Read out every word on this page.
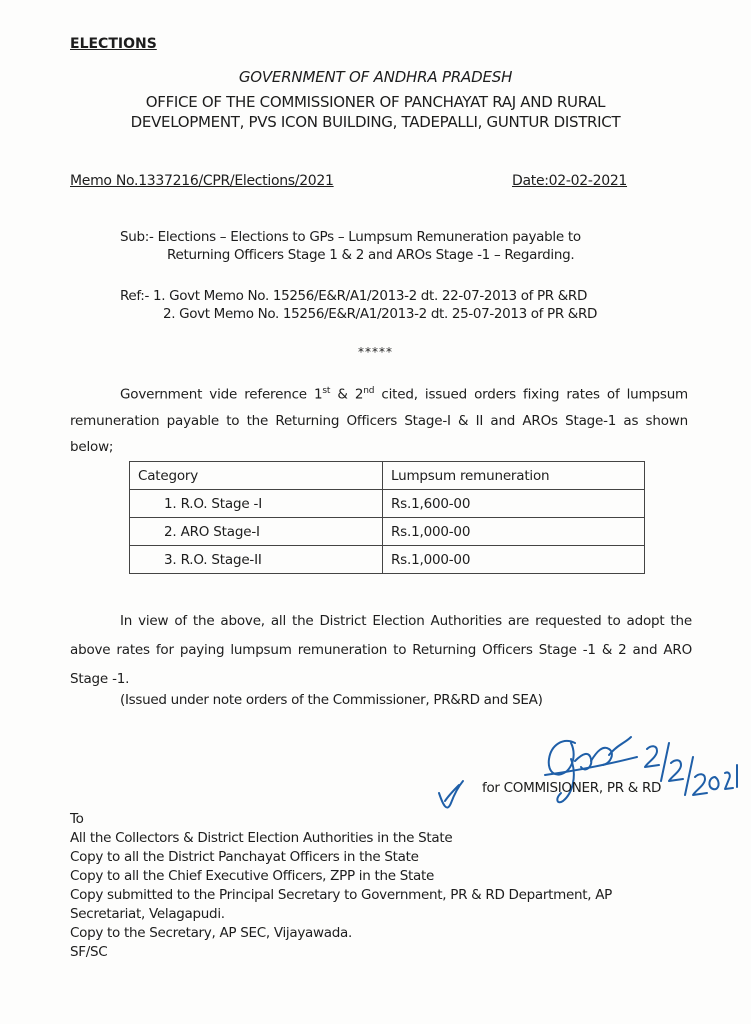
ELECTIONS
GOVERNMENT OF ANDHRA PRADESH
OFFICE OF THE COMMISSIONER OF PANCHAYAT RAJ AND RURAL
DEVELOPMENT, PVS ICON BUILDING, TADEPALLI, GUNTUR DISTRICT
Memo No.1337216/CPR/Elections/2021	Date:02-02-2021
Sub:- Elections – Elections to GPs – Lumpsum Remuneration payable to
Returning Officers Stage 1 & 2 and AROs Stage -1 – Regarding.
Ref:- 1. Govt Memo No. 15256/E&R/A1/2013-2 dt. 22-07-2013 of PR &RD
2. Govt Memo No. 15256/E&R/A1/2013-2 dt. 25-07-2013 of PR &RD
*****
Government vide reference 1st & 2nd cited, issued orders fixing rates of lumpsum remuneration payable to the Returning Officers Stage-I & II and AROs Stage-1 as shown below;
Category	Lumpsum remuneration
1. R.O. Stage -I	Rs.1,600-00
2. ARO Stage-I	Rs.1,000-00
3. R.O. Stage-II	Rs.1,000-00
In view of the above, all the District Election Authorities are requested to adopt the above rates for paying lumpsum remuneration to Returning Officers Stage -1 & 2 and ARO Stage -1.
(Issued under note orders of the Commissioner, PR&RD and SEA)
for COMMISIONER, PR & RD
To
All the Collectors & District Election Authorities in the State
Copy to all the District Panchayat Officers in the State
Copy to all the Chief Executive Officers, ZPP in the State
Copy submitted to the Principal Secretary to Government, PR & RD Department, AP
Secretariat, Velagapudi.
Copy to the Secretary, AP SEC, Vijayawada.
SF/SC
